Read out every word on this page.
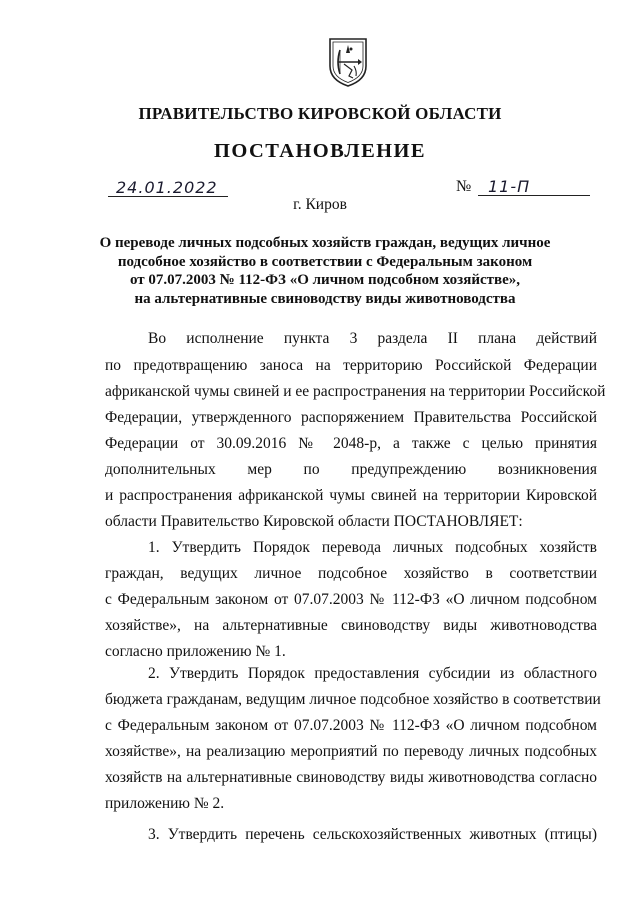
ПРАВИТЕЛЬСТВО КИРОВСКОЙ ОБЛАСТИ
ПОСТАНОВЛЕНИЕ
24.01.2022	№ 11-П
г. Киров
О переводе личных подсобных хозяйств граждан, ведущих личное
подсобное хозяйство в соответствии с Федеральным законом
от 07.07.2003 № 112-ФЗ «О личном подсобном хозяйстве»,
на альтернативные свиноводству виды животноводства
Во исполнение пункта 3 раздела II плана действий
по предотвращению заноса на территорию Российской Федерации
африканской чумы свиней и ее распространения на территории Российской
Федерации, утвержденного распоряжением Правительства Российской
Федерации от 30.09.2016 № 2048-р, а также с целью принятия
дополнительных мер по предупреждению возникновения
и распространения африканской чумы свиней на территории Кировской
области Правительство Кировской области ПОСТАНОВЛЯЕТ:
1. Утвердить Порядок перевода личных подсобных хозяйств
граждан, ведущих личное подсобное хозяйство в соответствии
с Федеральным законом от 07.07.2003 № 112-ФЗ «О личном подсобном
хозяйстве», на альтернативные свиноводству виды животноводства
согласно приложению № 1.
2. Утвердить Порядок предоставления субсидии из областного
бюджета гражданам, ведущим личное подсобное хозяйство в соответствии
с Федеральным законом от 07.07.2003 № 112-ФЗ «О личном подсобном
хозяйстве», на реализацию мероприятий по переводу личных подсобных
хозяйств на альтернативные свиноводству виды животноводства согласно
приложению № 2.
3. Утвердить перечень сельскохозяйственных животных (птицы)
